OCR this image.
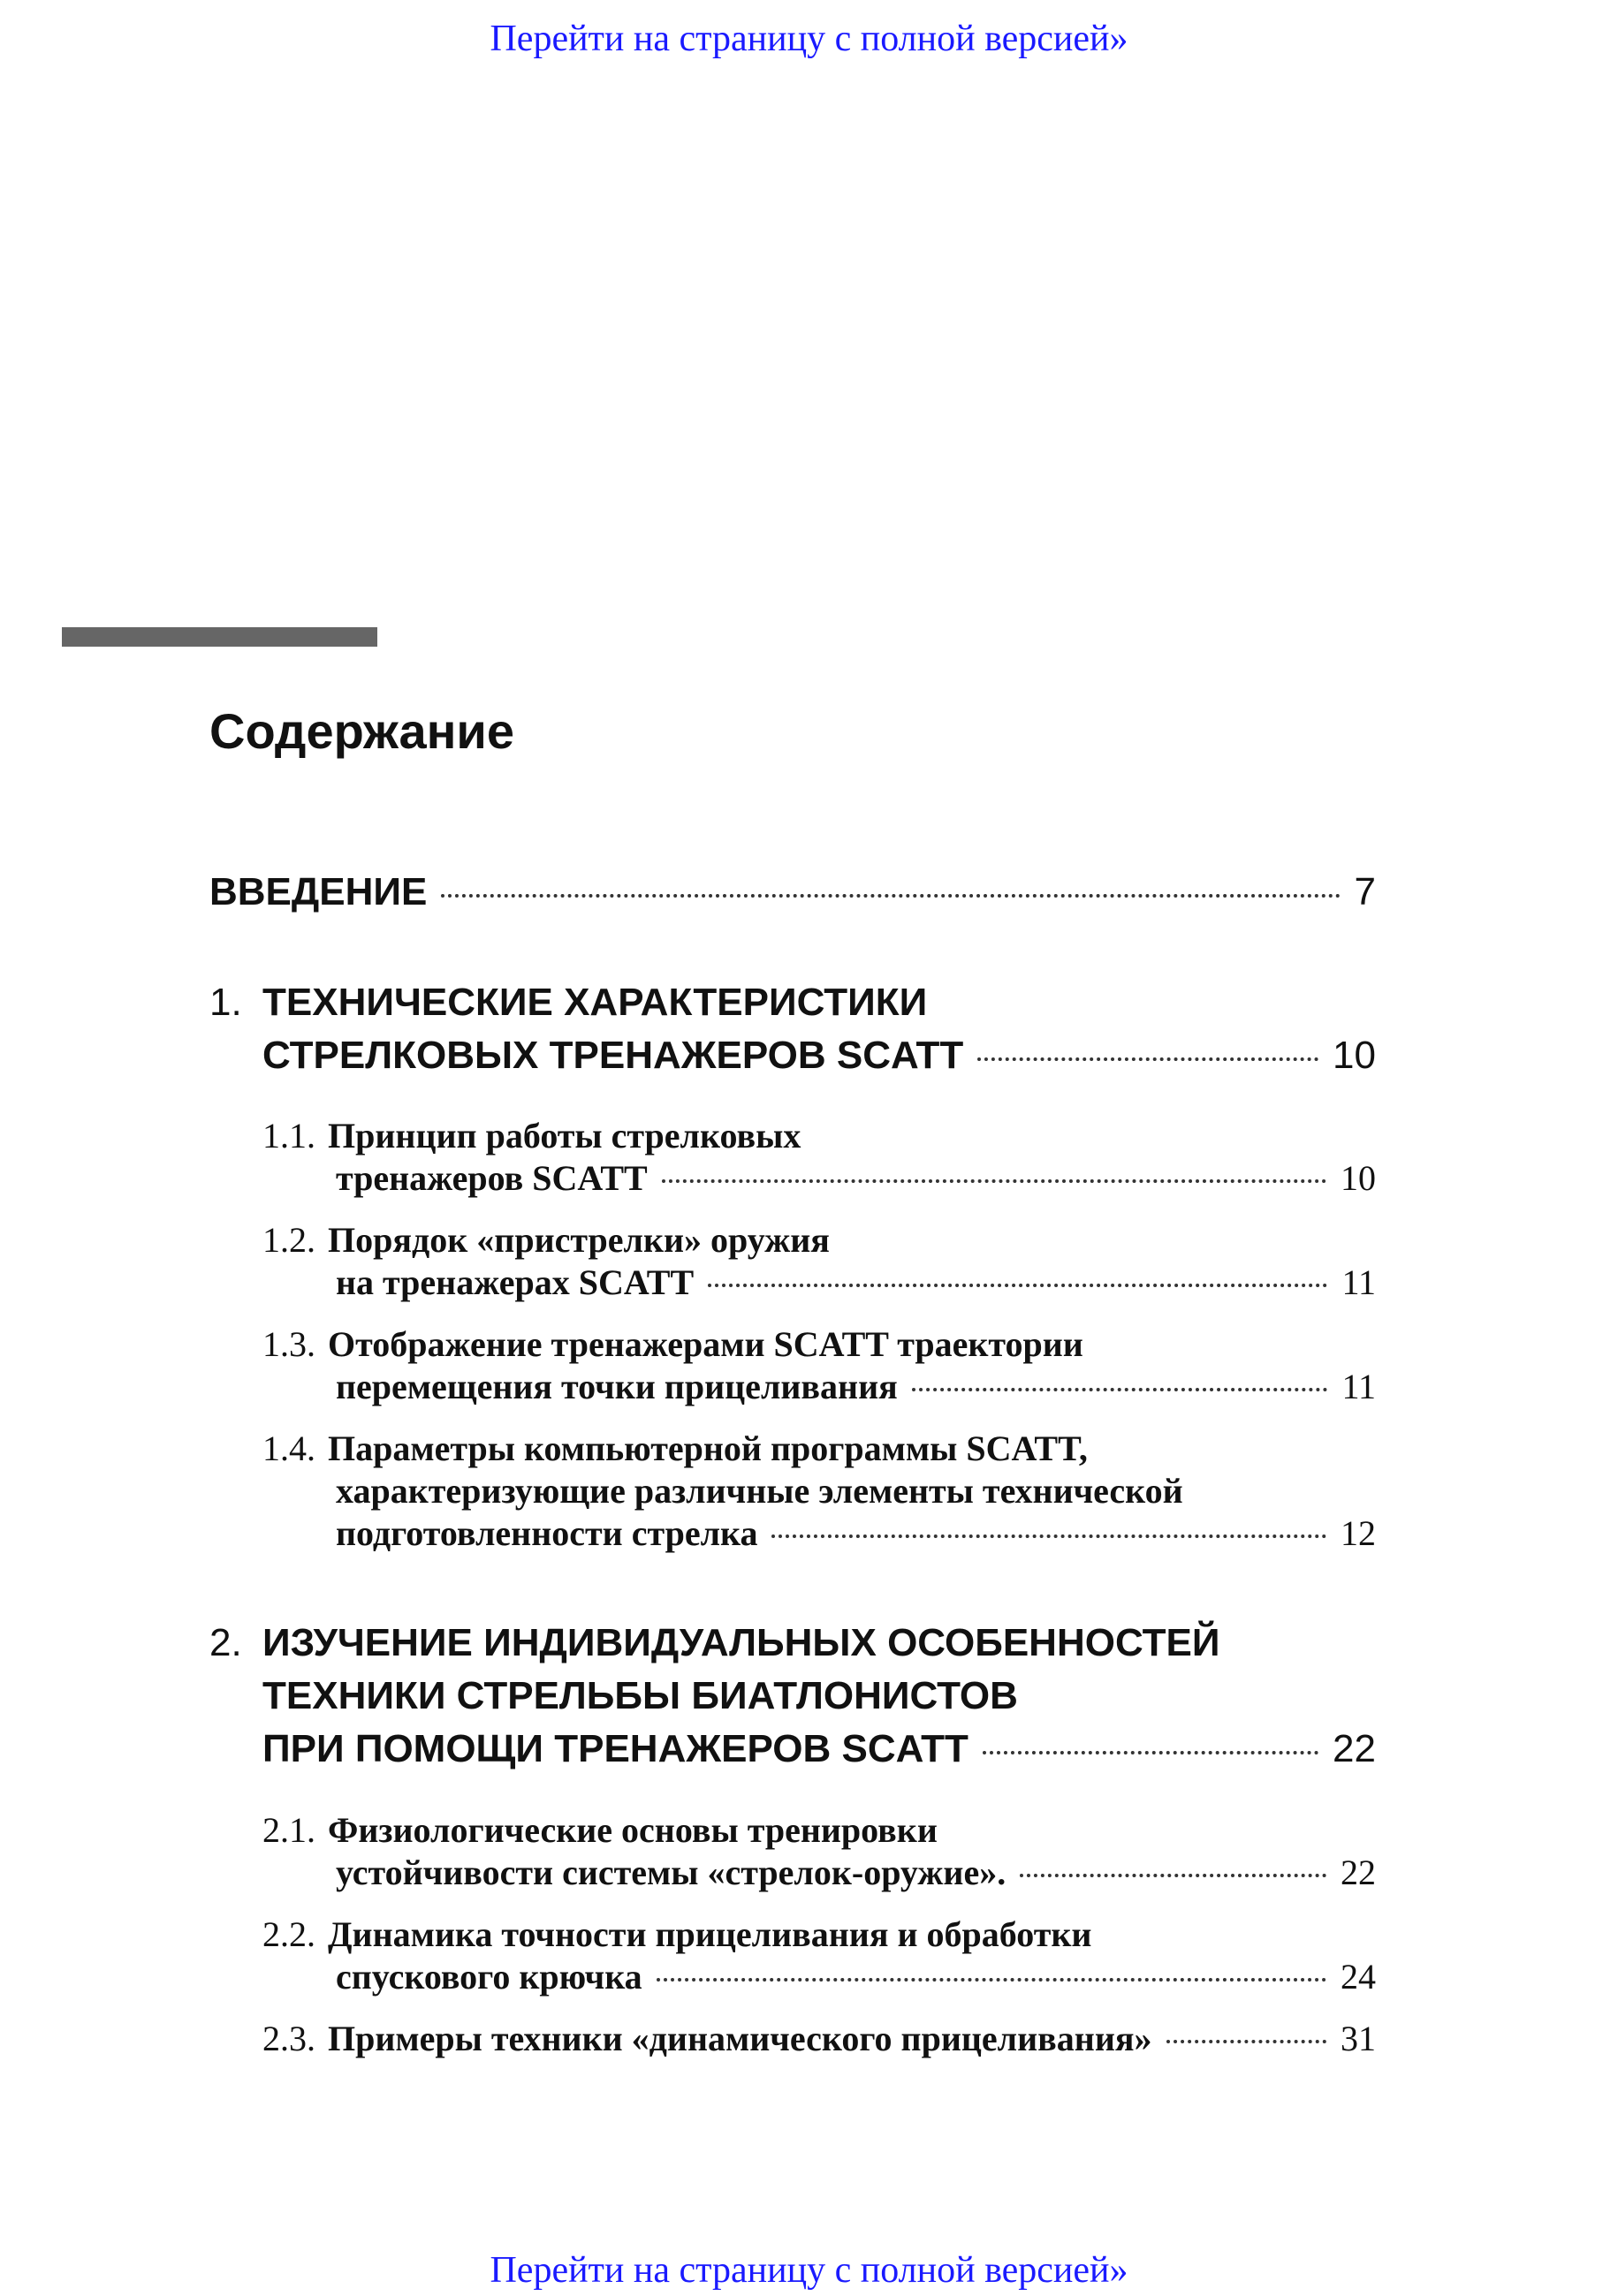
Перейти на страницу с полной версией»
Содержание
ВВЕДЕНИЕ	7
1. ТЕХНИЧЕСКИЕ ХАРАКТЕРИСТИКИ
СТРЕЛКОВЫХ ТРЕНАЖЕРОВ SCATT	10
1.1. Принцип работы стрелковых
тренажеров SCATT	10
1.2. Порядок «пристрелки» оружия
на тренажерах SCATT	11
1.3. Отображение тренажерами SCATT траектории
перемещения точки прицеливания	11
1.4. Параметры компьютерной программы SCATT,
характеризующие различные элементы технической
подготовленности стрелка	12
2. ИЗУЧЕНИЕ ИНДИВИДУАЛЬНЫХ ОСОБЕННОСТЕЙ
ТЕХНИКИ СТРЕЛЬБЫ БИАТЛОНИСТОВ
ПРИ ПОМОЩИ ТРЕНАЖЕРОВ SCATT	22
2.1. Физиологические основы тренировки
устойчивости системы «стрелок-оружие».	22
2.2. Динамика точности прицеливания и обработки
спускового крючка	24
2.3. Примеры техники «динамического прицеливания»	31
Перейти на страницу с полной версией»
